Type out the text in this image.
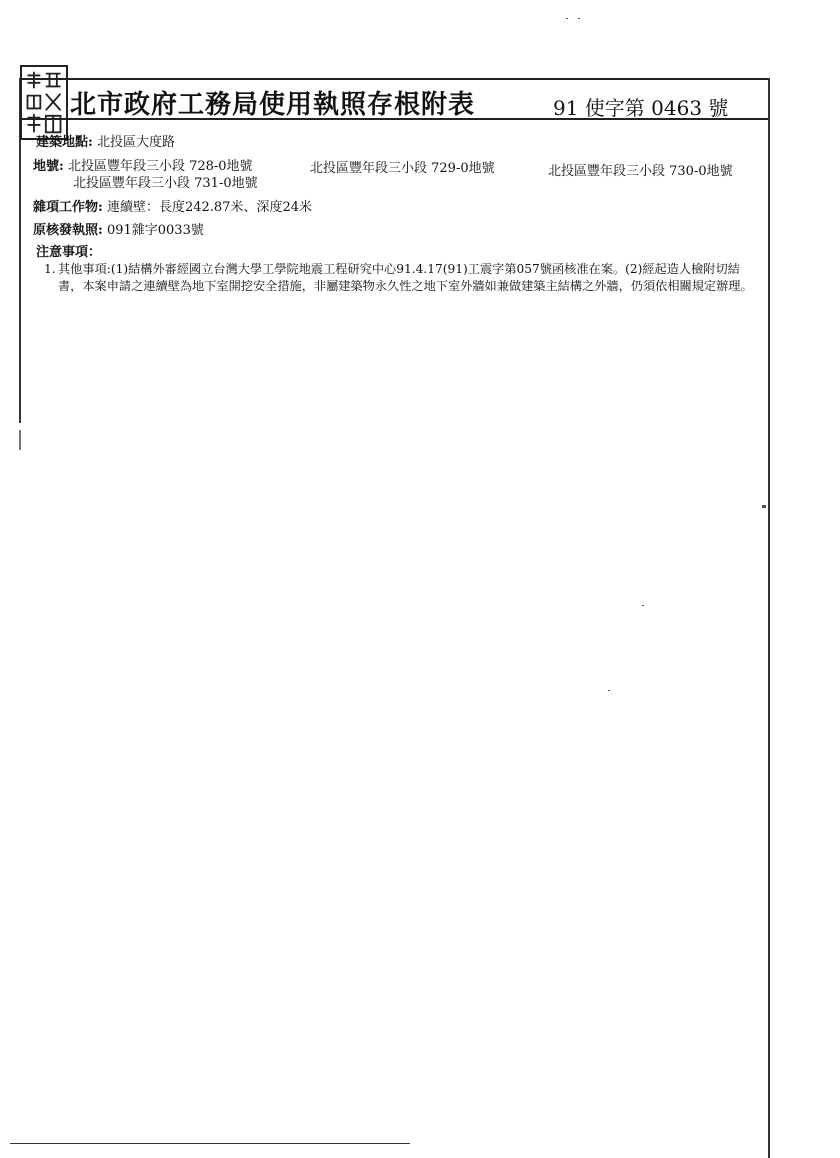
北市政府工務局使用執照存根附表	91 使字第 0463 號
建築地點: 北投區大度路
地號: 北投區豐年段三小段 728-0地號	北投區豐年段三小段 729-0地號	北投區豐年段三小段 730-0地號
北投區豐年段三小段 731-0地號
雜項工作物: 連續壁：長度242.87米、深度24米
原核發執照: 091雜字0033號
注意事項：
1. 其他事項:(1)結構外審經國立台灣大學工學院地震工程研究中心91.4.17(91)工震字第057號函核准在案。(2)經起造人檢附切結書，本案申請之連續壁為地下室開挖安全措施，非屬建築物永久性之地下室外牆如兼做建築主結構之外牆，仍須依相關規定辦理。
